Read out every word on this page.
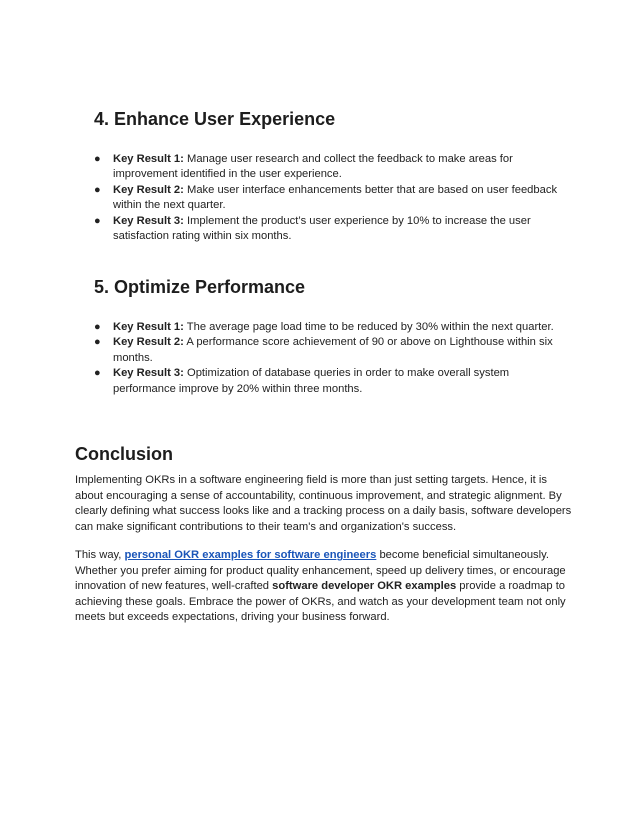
4. Enhance User Experience
● Key Result 1: Manage user research and collect the feedback to make areas for improvement identified in the user experience.
● Key Result 2: Make user interface enhancements better that are based on user feedback within the next quarter.
● Key Result 3: Implement the product’s user experience by 10% to increase the user satisfaction rating within six months.
5. Optimize Performance
● Key Result 1: The average page load time to be reduced by 30% within the next quarter.
● Key Result 2: A performance score achievement of 90 or above on Lighthouse within six months.
● Key Result 3: Optimization of database queries in order to make overall system performance improve by 20% within three months.
Conclusion

Implementing OKRs in a software engineering field is more than just setting targets. Hence, it is about encouraging a sense of accountability, continuous improvement, and strategic alignment. By clearly defining what success looks like and a tracking process on a daily basis, software developers can make significant contributions to their team's and organization's success.

This way, personal OKR examples for software engineers become beneficial simultaneously. Whether you prefer aiming for product quality enhancement, speed up delivery times, or encourage innovation of new features, well-crafted software developer OKR examples provide a roadmap to achieving these goals. Embrace the power of OKRs, and watch as your development team not only meets but exceeds expectations, driving your business forward.
